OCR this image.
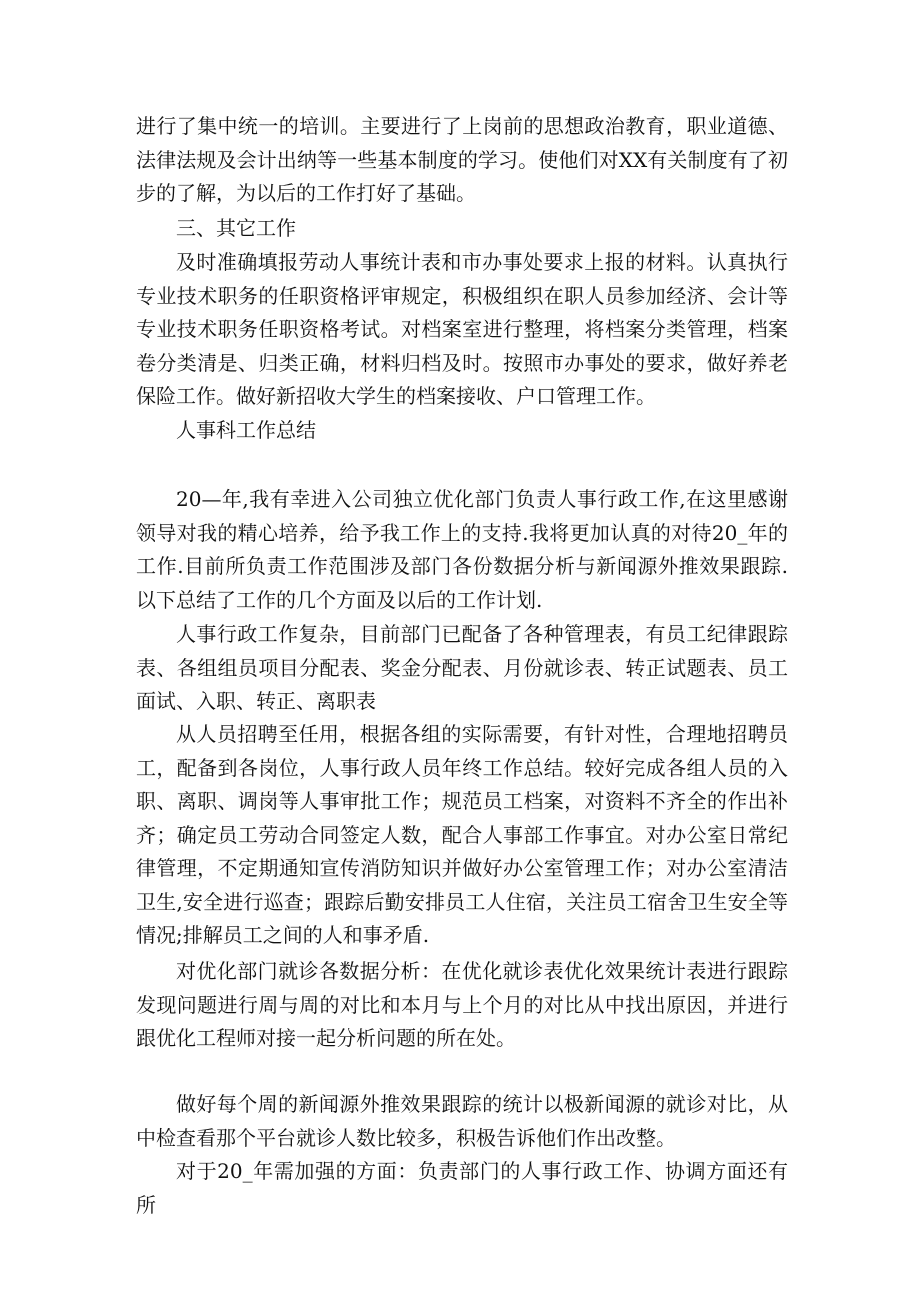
进行了集中统一的培训。主要进行了上岗前的思想政治教育，职业道德、法律法规及会计出纳等一些基本制度的学习。使他们对XX有关制度有了初步的了解，为以后的工作打好了基础。

三、其它工作

及时准确填报劳动人事统计表和市办事处要求上报的材料。认真执行专业技术职务的任职资格评审规定，积极组织在职人员参加经济、会计等专业技术职务任职资格考试。对档案室进行整理，将档案分类管理，档案卷分类清是、归类正确，材料归档及时。按照市办事处的要求，做好养老保险工作。做好新招收大学生的档案接收、户口管理工作。

人事科工作总结

20—年,我有幸进入公司独立优化部门负责人事行政工作,在这里感谢领导对我的精心培养，给予我工作上的支持.我将更加认真的对待20_年的工作.目前所负责工作范围涉及部门各份数据分析与新闻源外推效果跟踪.以下总结了工作的几个方面及以后的工作计划.

人事行政工作复杂，目前部门已配备了各种管理表，有员工纪律跟踪表、各组组员项目分配表、奖金分配表、月份就诊表、转正试题表、员工面试、入职、转正、离职表

从人员招聘至任用，根据各组的实际需要，有针对性，合理地招聘员工，配备到各岗位，人事行政人员年终工作总结。较好完成各组人员的入职、离职、调岗等人事审批工作；规范员工档案，对资料不齐全的作出补齐；确定员工劳动合同签定人数，配合人事部工作事宜。对办公室日常纪律管理，不定期通知宣传消防知识并做好办公室管理工作；对办公室清洁卫生,安全进行巡查；跟踪后勤安排员工人住宿，关注员工宿舍卫生安全等情况;排解员工之间的人和事矛盾.

对优化部门就诊各数据分析：在优化就诊表优化效果统计表进行跟踪发现问题进行周与周的对比和本月与上个月的对比从中找出原因，并进行跟优化工程师对接一起分析问题的所在处。

做好每个周的新闻源外推效果跟踪的统计以极新闻源的就诊对比，从中检查看那个平台就诊人数比较多，积极告诉他们作出改整。

对于20_年需加强的方面：负责部门的人事行政工作、协调方面还有所
